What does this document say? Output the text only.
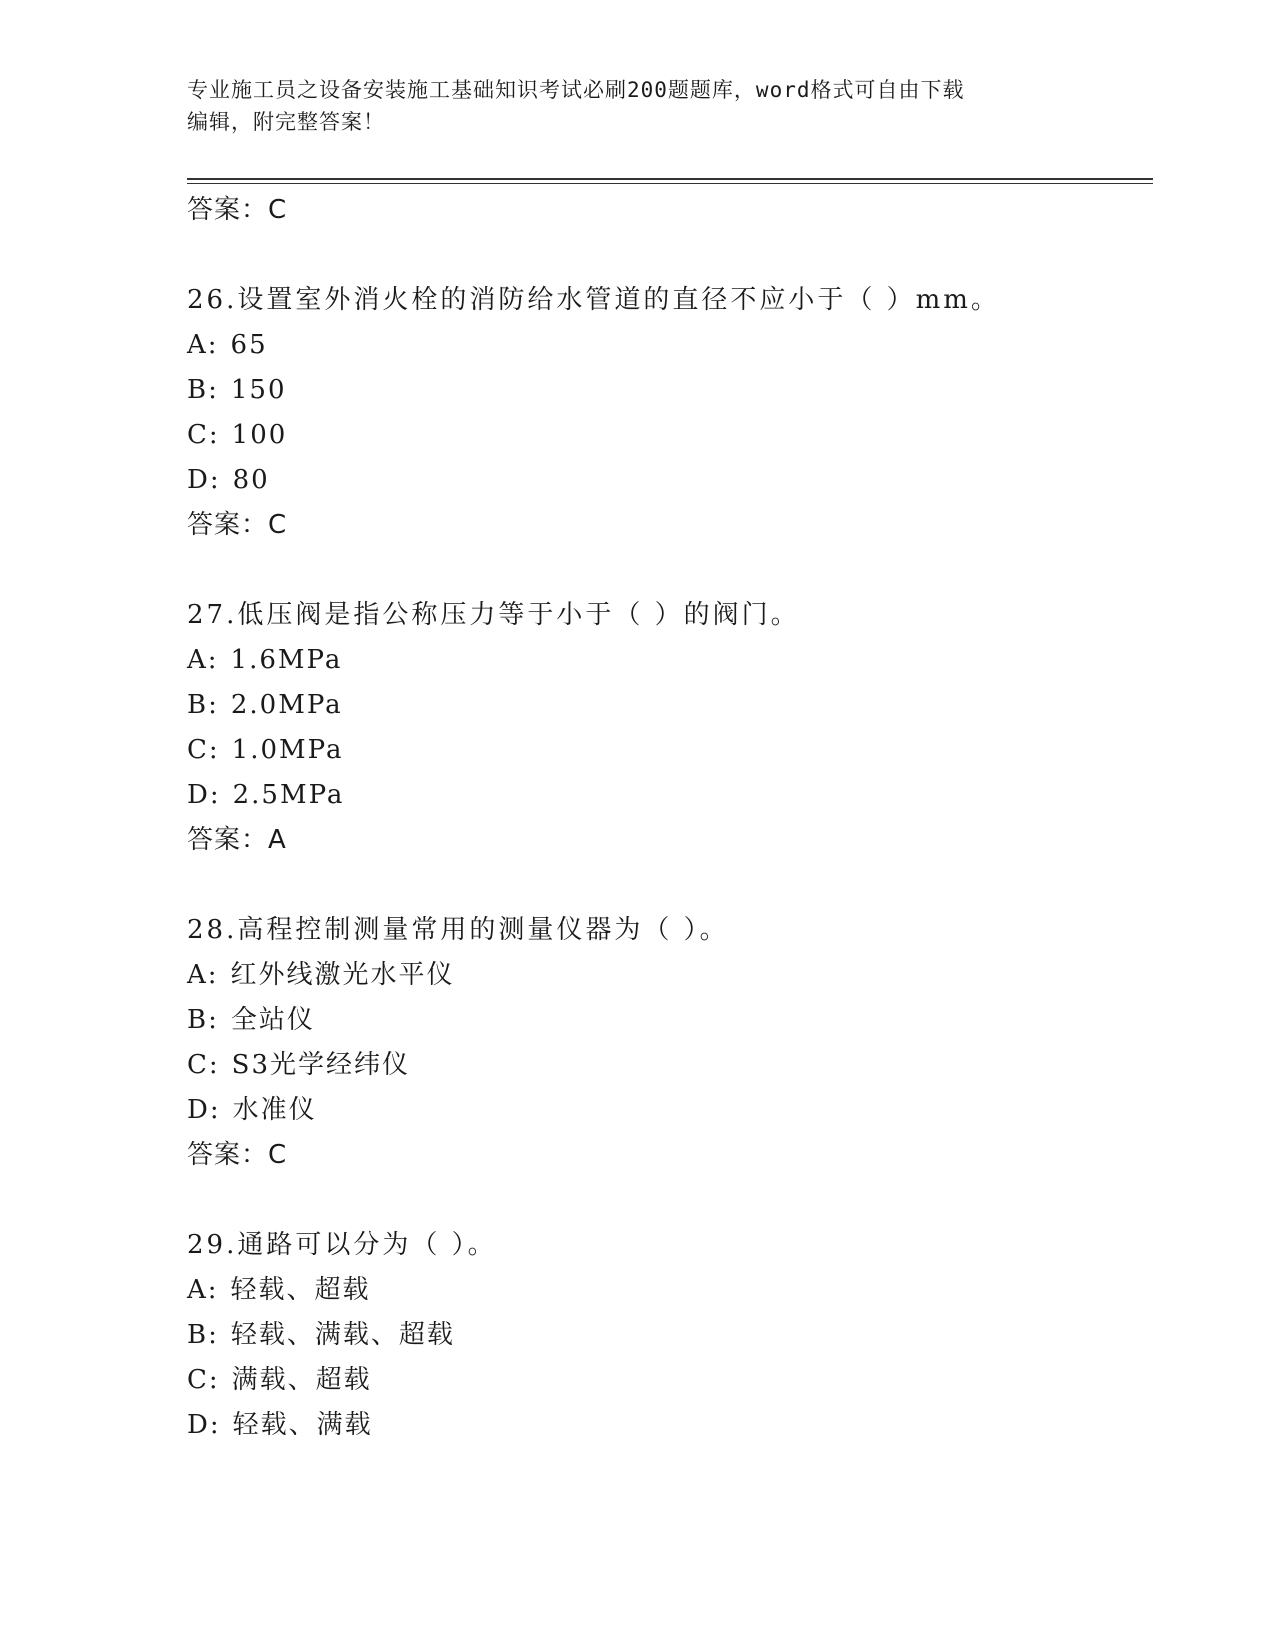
专业施工员之设备安装施工基础知识考试必刷200题题库，word格式可自由下载
编辑，附完整答案！
答案：C
26.设置室外消火栓的消防给水管道的直径不应小于（ ）mm。
A: 65
B: 150
C: 100
D: 80
答案：C
27.低压阀是指公称压力等于小于（ ）的阀门。
A: 1.6MPa
B: 2.0MPa
C: 1.0MPa
D: 2.5MPa
答案：A
28.高程控制测量常用的测量仪器为（ ）。
A: 红外线激光水平仪
B: 全站仪
C: S3光学经纬仪
D: 水准仪
答案：C
29.通路可以分为（ ）。
A: 轻载、超载
B: 轻载、满载、超载
C: 满载、超载
D: 轻载、满载
